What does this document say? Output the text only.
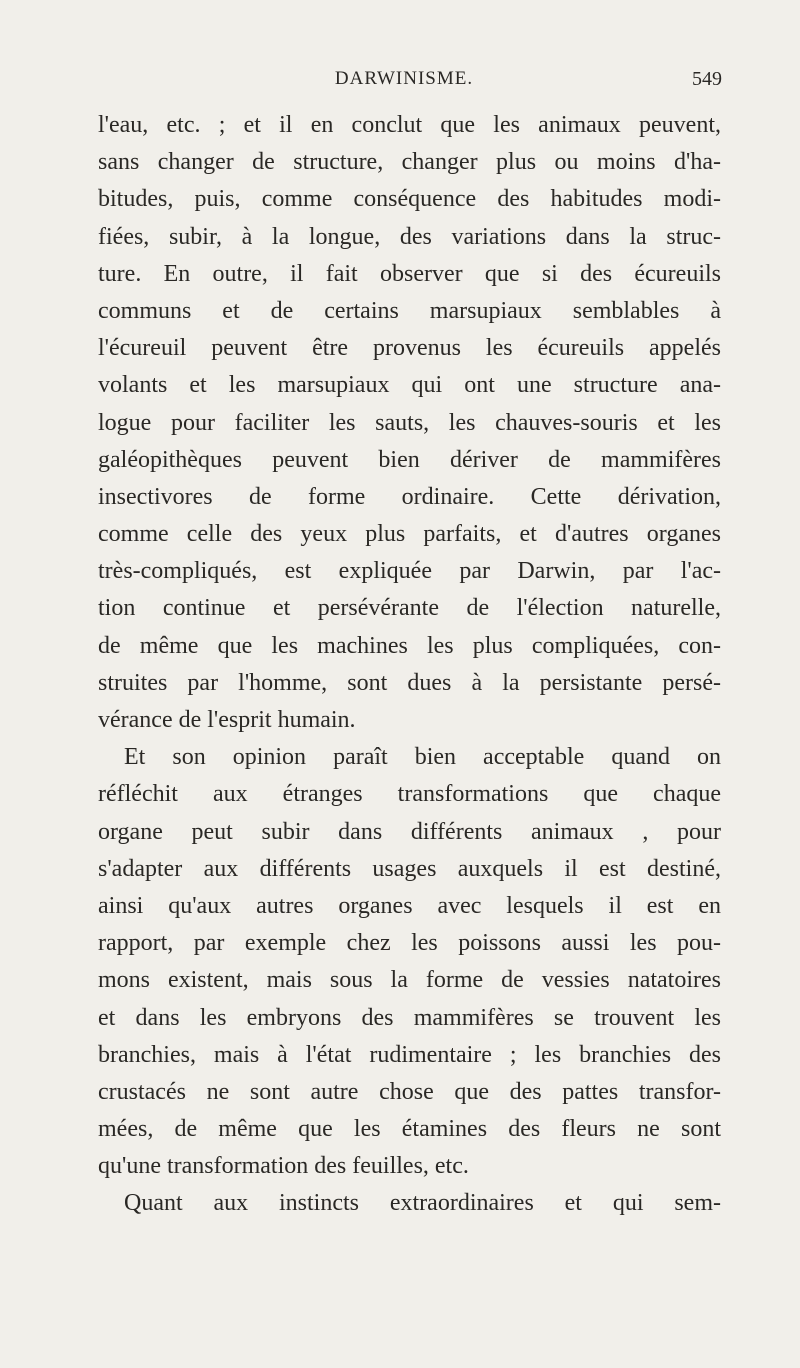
DARWINISME.	549
l'eau, etc. ; et il en conclut que les animaux peuvent,
sans changer de structure, changer plus ou moins d'ha-
bitudes, puis, comme conséquence des habitudes modi-
fiées, subir, à la longue, des variations dans la struc-
ture. En outre, il fait observer que si des écureuils
communs et de certains marsupiaux semblables à
l'écureuil peuvent être provenus les écureuils appelés
volants et les marsupiaux qui ont une structure ana-
logue pour faciliter les sauts, les chauves-souris et les
galéopithèques peuvent bien dériver de mammifères
insectivores de forme ordinaire. Cette dérivation,
comme celle des yeux plus parfaits, et d'autres organes
très-compliqués, est expliquée par Darwin, par l'ac-
tion continue et persévérante de l'élection naturelle,
de même que les machines les plus compliquées, con-
struites par l'homme, sont dues à la persistante persé-
vérance de l'esprit humain.
Et son opinion paraît bien acceptable quand on
réfléchit aux étranges transformations que chaque
organe peut subir dans différents animaux , pour
s'adapter aux différents usages auxquels il est destiné,
ainsi qu'aux autres organes avec lesquels il est en
rapport, par exemple chez les poissons aussi les pou-
mons existent, mais sous la forme de vessies natatoires
et dans les embryons des mammifères se trouvent les
branchies, mais à l'état rudimentaire ; les branchies des
crustacés ne sont autre chose que des pattes transfor-
mées, de même que les étamines des fleurs ne sont
qu'une transformation des feuilles, etc.
Quant aux instincts extraordinaires et qui sem-
